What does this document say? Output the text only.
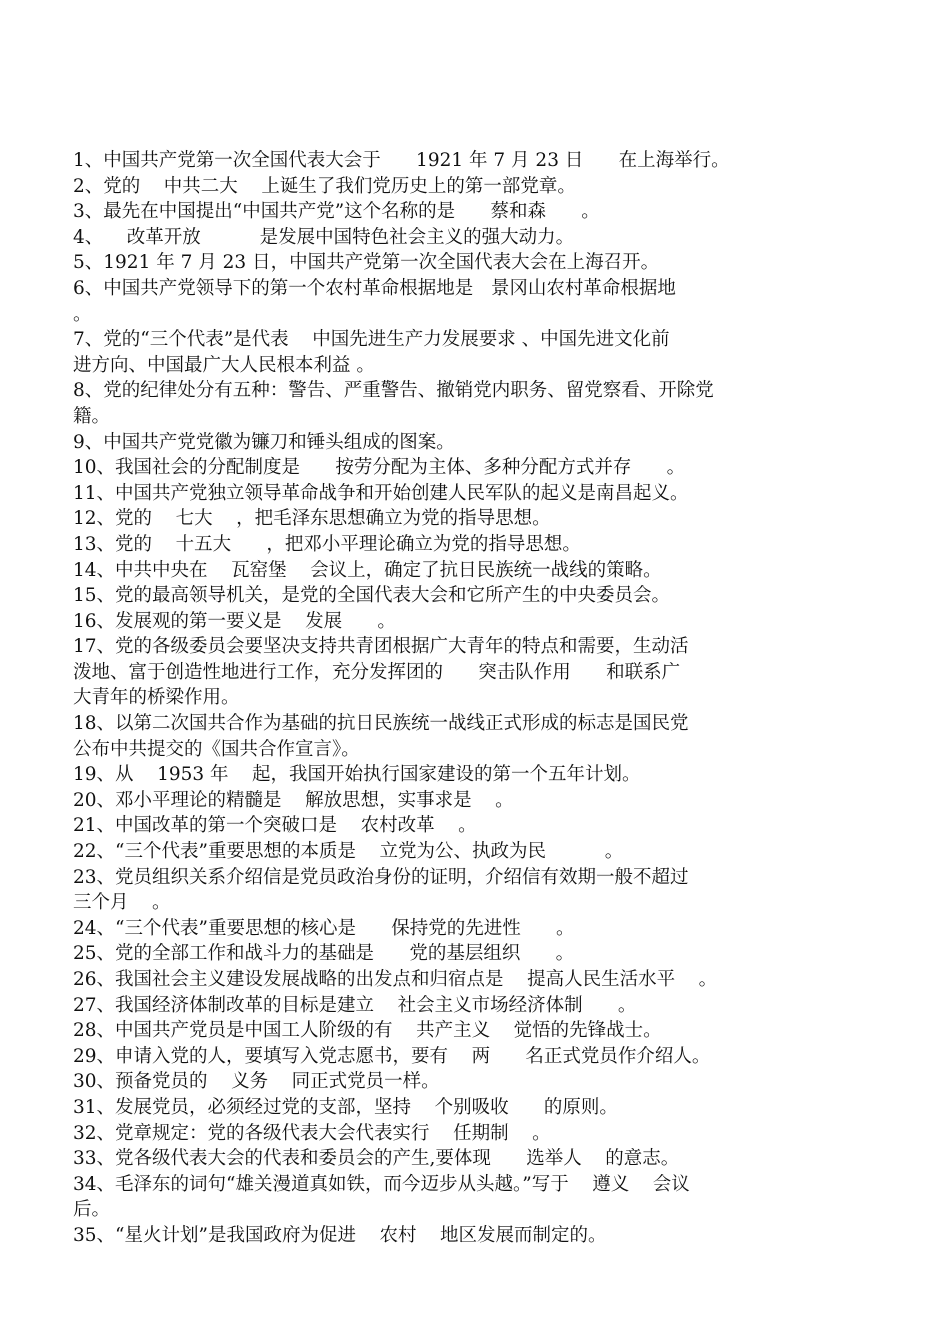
1、中国共产党第一次全国代表大会于      1921 年 7 月 23 日      在上海举行。
2、党的    中共二大    上诞生了我们党历史上的第一部党章。
3、最先在中国提出“中国共产党”这个名称的是      蔡和森      。
4、    改革开放          是发展中国特色社会主义的强大动力。
5、1921 年 7 月 23 日，中国共产党第一次全国代表大会在上海召开。
6、中国共产党领导下的第一个农村革命根据地是   景冈山农村革命根据地
。
7、党的“三个代表”是代表    中国先进生产力发展要求 、中国先进文化前
进方向、中国最广大人民根本利益 。
8、党的纪律处分有五种：警告、严重警告、撤销党内职务、留党察看、开除党
籍。
9、中国共产党党徽为镰刀和锤头组成的图案。
10、我国社会的分配制度是      按劳分配为主体、多种分配方式并存      。
11、中国共产党独立领导革命战争和开始创建人民军队的起义是南昌起义。
12、党的    七大    ，把毛泽东思想确立为党的指导思想。
13、党的    十五大      ，把邓小平理论确立为党的指导思想。
14、中共中央在    瓦窑堡    会议上，确定了抗日民族统一战线的策略。
15、党的最高领导机关，是党的全国代表大会和它所产生的中央委员会。
16、发展观的第一要义是    发展      。
17、党的各级委员会要坚决支持共青团根据广大青年的特点和需要，生动活
泼地、富于创造性地进行工作，充分发挥团的      突击队作用      和联系广
大青年的桥梁作用。
18、以第二次国共合作为基础的抗日民族统一战线正式形成的标志是国民党
公布中共提交的《国共合作宣言》。
19、从    1953 年    起，我国开始执行国家建设的第一个五年计划。
20、邓小平理论的精髓是    解放思想，实事求是    。
21、中国改革的第一个突破口是    农村改革    。
22、“三个代表”重要思想的本质是    立党为公、执政为民          。
23、党员组织关系介绍信是党员政治身份的证明，介绍信有效期一般不超过
三个月    。
24、“三个代表”重要思想的核心是      保持党的先进性      。
25、党的全部工作和战斗力的基础是      党的基层组织      。
26、我国社会主义建设发展战略的出发点和归宿点是    提高人民生活水平    。
27、我国经济体制改革的目标是建立    社会主义市场经济体制      。
28、中国共产党员是中国工人阶级的有    共产主义    觉悟的先锋战士。
29、申请入党的人，要填写入党志愿书，要有    两      名正式党员作介绍人。
30、预备党员的    义务    同正式党员一样。
31、发展党员，必须经过党的支部，坚持    个别吸收      的原则。
32、党章规定：党的各级代表大会代表实行    任期制    。
33、党各级代表大会的代表和委员会的产生,要体现      选举人    的意志。
34、毛泽东的词句“雄关漫道真如铁，而今迈步从头越。”写于    遵义    会议
后。
35、“星火计划”是我国政府为促进    农村    地区发展而制定的。
